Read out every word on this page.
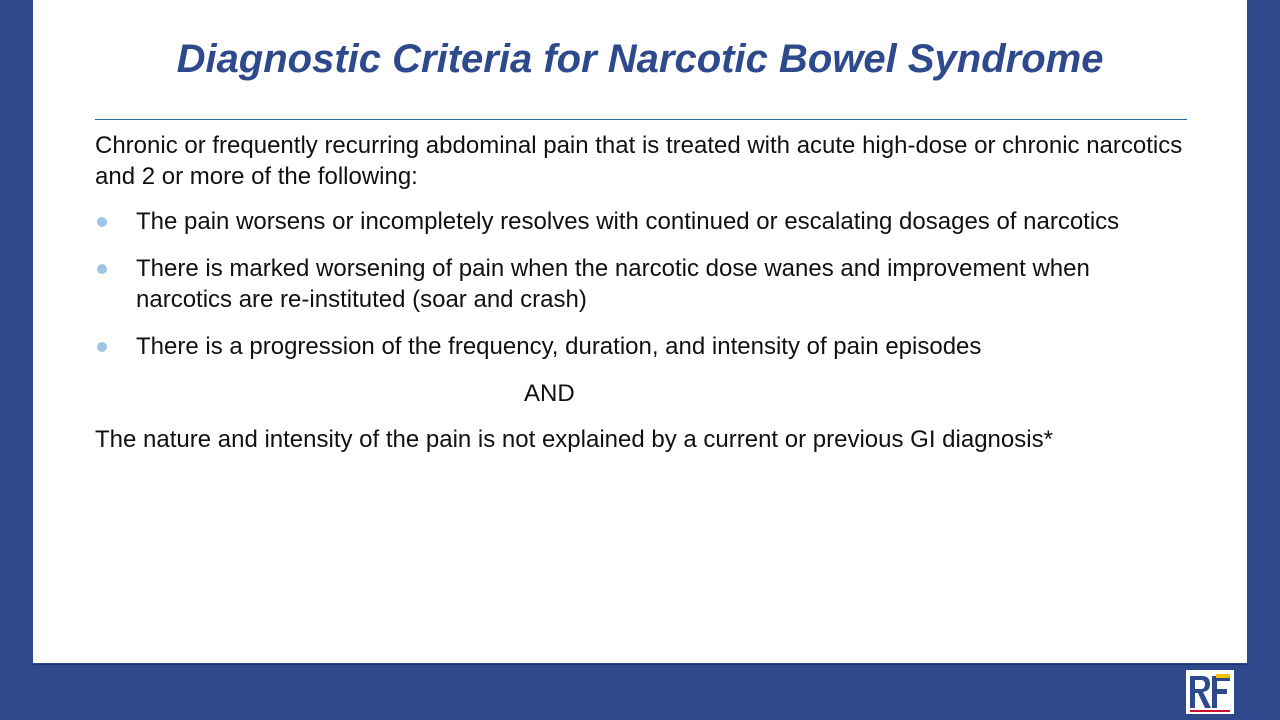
Diagnostic Criteria for Narcotic Bowel Syndrome

Chronic or frequently recurring abdominal pain that is treated with acute high-dose or chronic narcotics and 2 or more of the following:

The pain worsens or incompletely resolves with continued or escalating dosages of narcotics
There is marked worsening of pain when the narcotic dose wanes and improvement when narcotics are re-instituted (soar and crash)
There is a progression of the frequency, duration, and intensity of pain episodes

AND

The nature and intensity of the pain is not explained by a current or previous GI diagnosis*
